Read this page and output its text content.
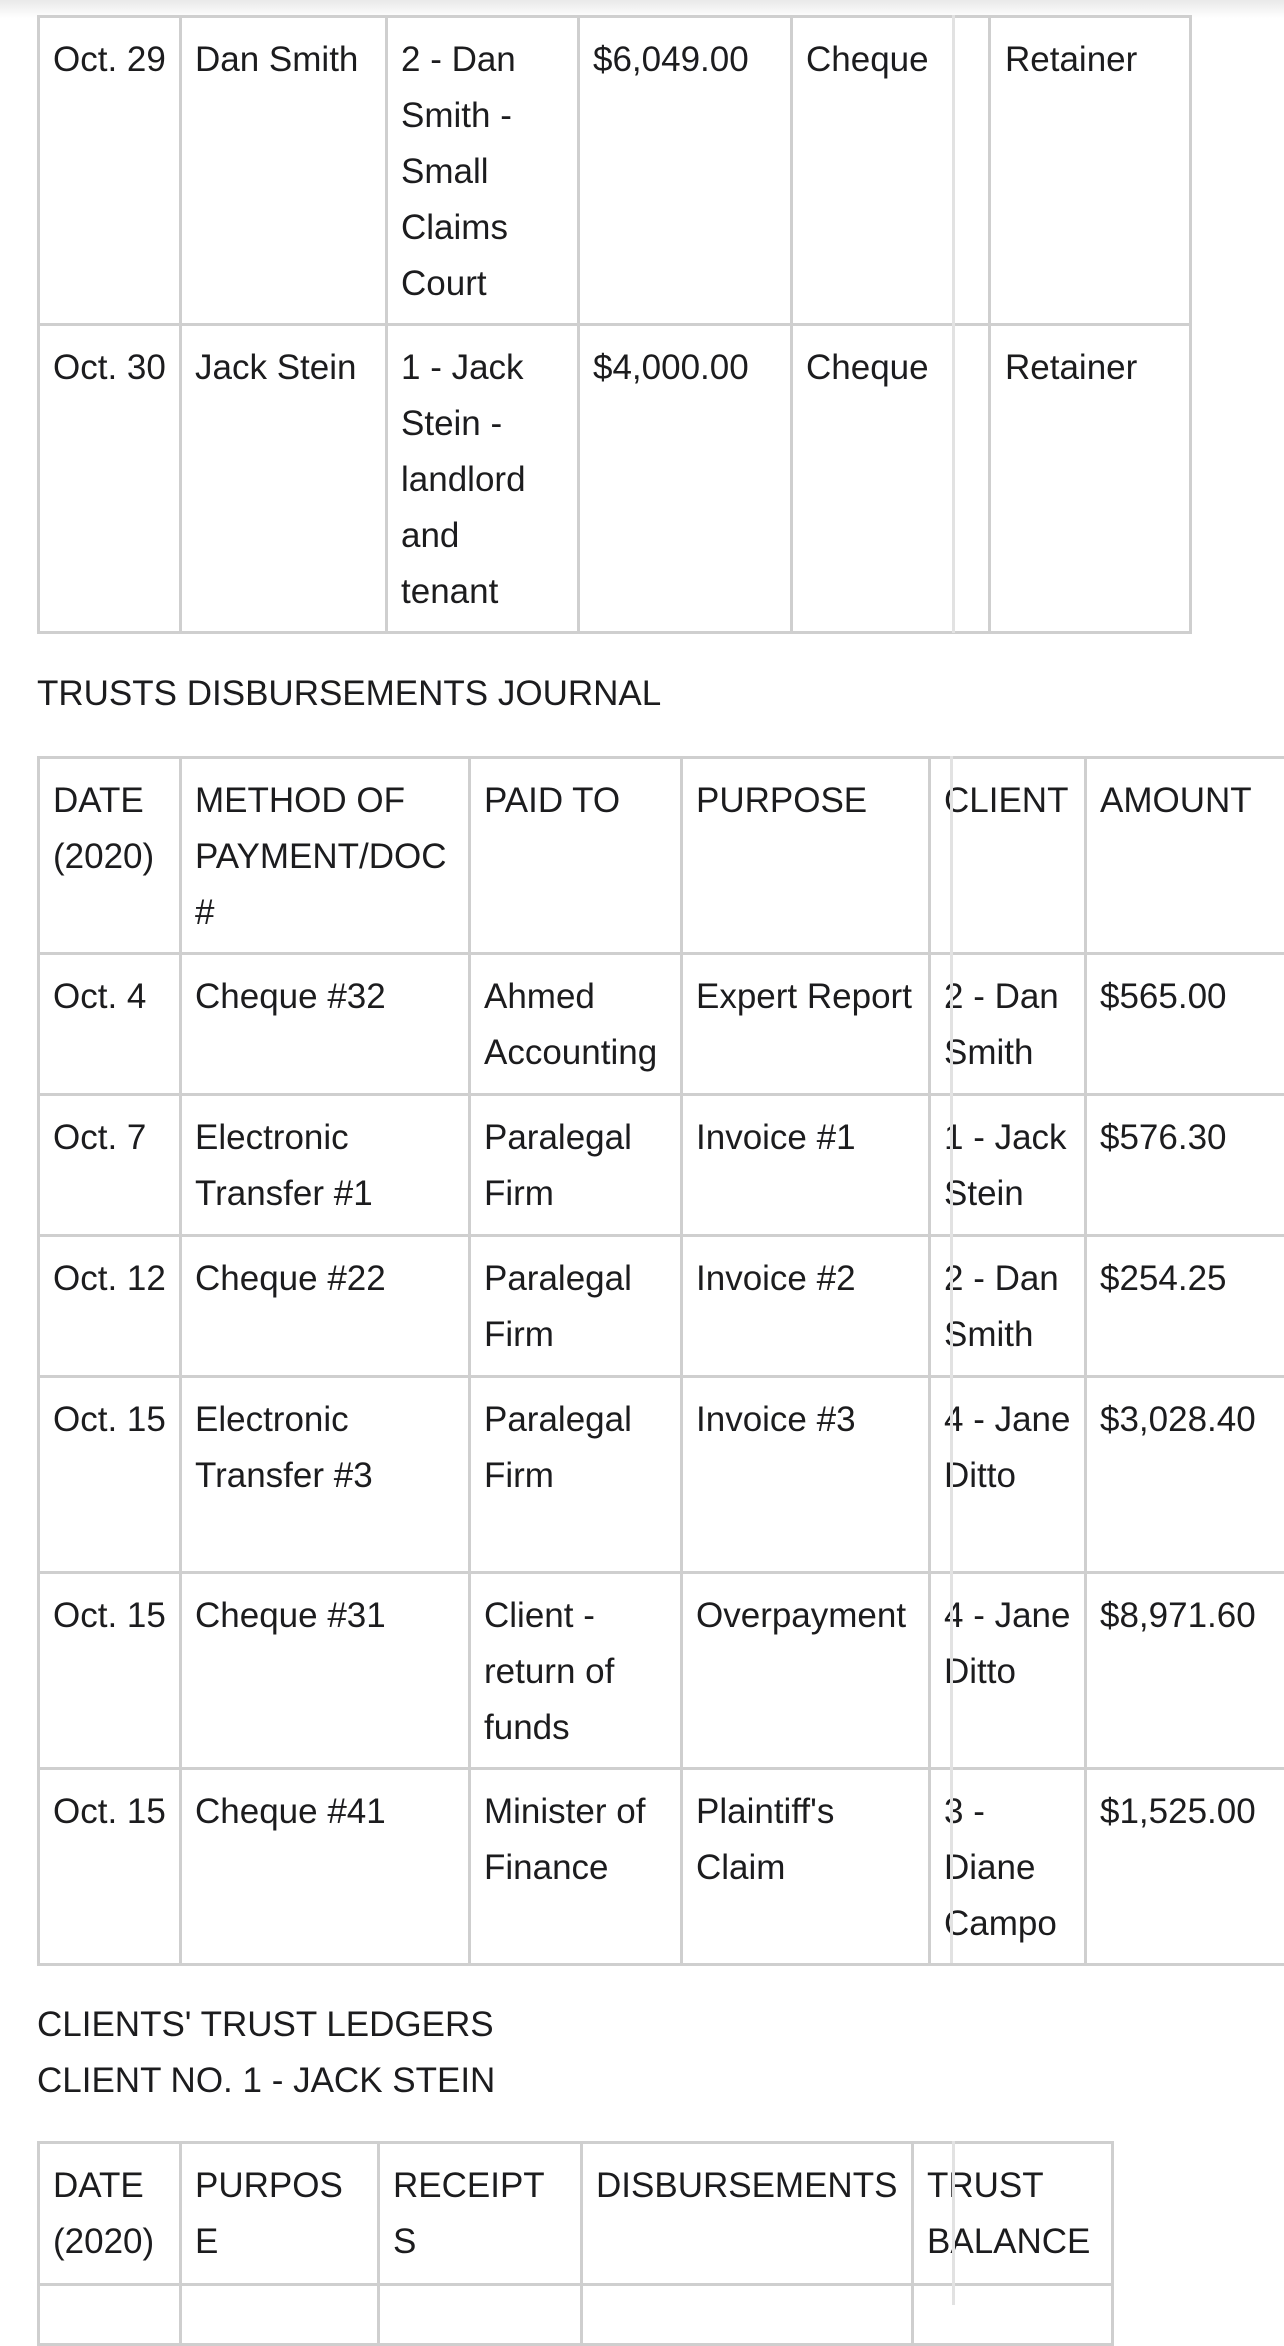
Oct. 29	Dan Smith	2 - Dan Smith - Small Claims Court	$6,049.00	Cheque	Retainer
Oct. 30	Jack Stein	1 - Jack Stein - landlord and tenant	$4,000.00	Cheque	Retainer
TRUSTS DISBURSEMENTS JOURNAL
DATE (2020)	METHOD OF PAYMENT/DOC #	PAID TO	PURPOSE	CLIENT	AMOUNT
Oct. 4	Cheque #32	Ahmed Accounting	Expert Report	2 - Dan Smith	$565.00
Oct. 7	Electronic Transfer #1	Paralegal Firm	Invoice #1	1 - Jack Stein	$576.30
Oct. 12	Cheque #22	Paralegal Firm	Invoice #2	2 - Dan Smith	$254.25
Oct. 15	Electronic Transfer #3	Paralegal Firm	Invoice #3	4 - Jane Ditto	$3,028.40
Oct. 15	Cheque #31	Client - return of funds	Overpayment	4 - Jane Ditto	$8,971.60
Oct. 15	Cheque #41	Minister of Finance	Plaintiff's Claim	3 - Diane Campo	$1,525.00
CLIENTS' TRUST LEDGERS
CLIENT NO. 1 - JACK STEIN
DATE (2020)	PURPOSE	RECEIPTS	DISBURSEMENTS	TRUST BALANCE
